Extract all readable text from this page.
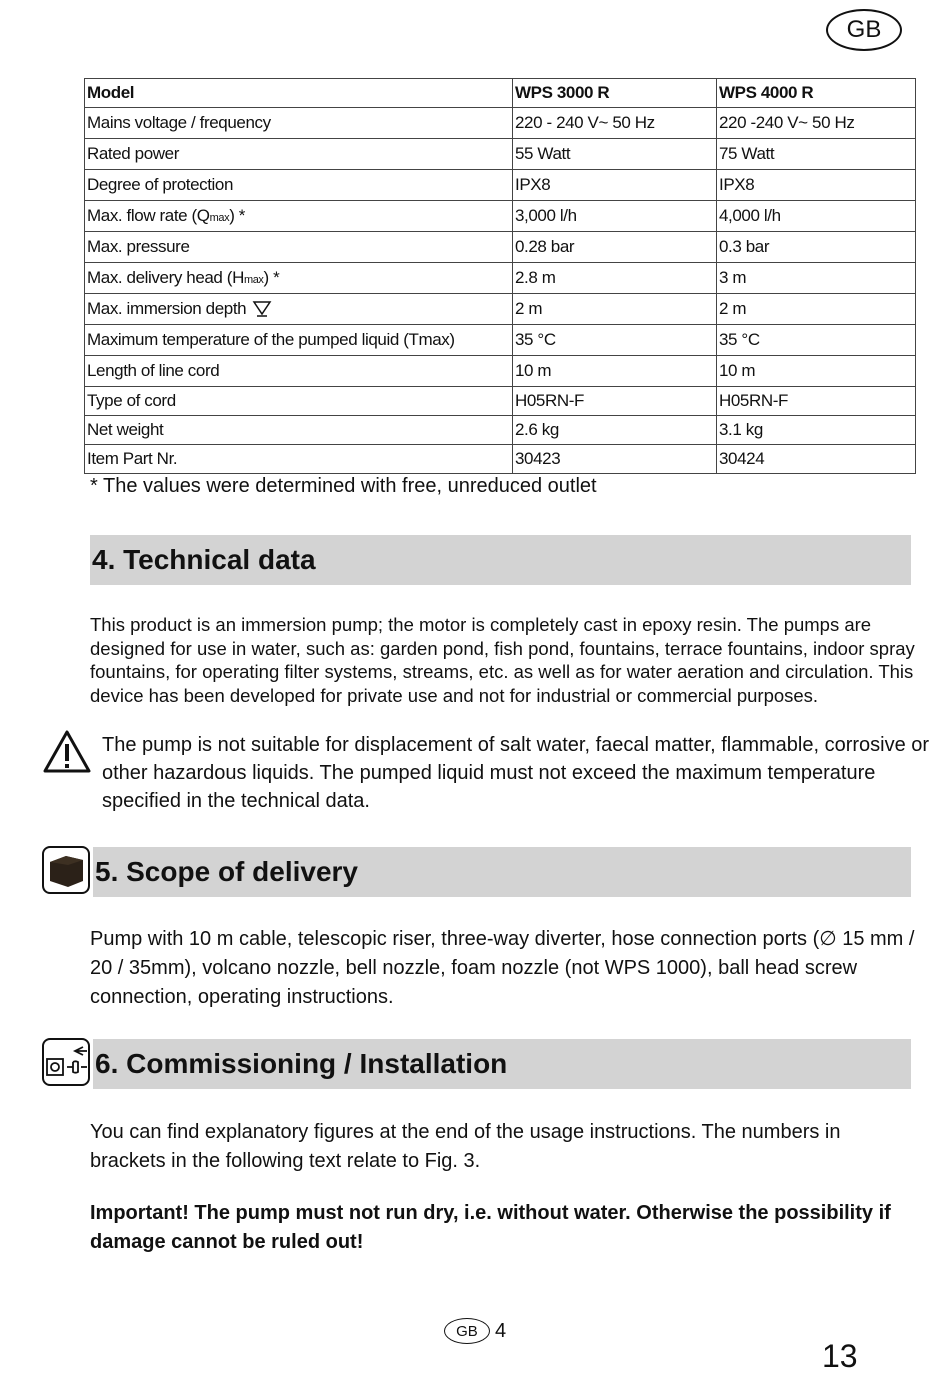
GB
Model	WPS 3000 R	WPS 4000 R
Mains voltage / frequency	220 - 240 V~ 50 Hz	220 -240 V~ 50 Hz
Rated power	55 Watt	75 Watt
Degree of protection	IPX8	IPX8
Max. flow rate (Qmax) *	3,000 l/h	4,000 l/h
Max. pressure	0.28 bar	0.3 bar
Max. delivery head (Hmax) *	2.8 m	3 m
Max. immersion depth	2 m	2 m
Maximum temperature of the pumped liquid (Tmax)	35 °C	35 °C
Length of line cord	10 m	10 m
Type of cord	H05RN-F	H05RN-F
Net weight	2.6 kg	3.1 kg
Item Part Nr.	30423	30424
* The values were determined with free, unreduced outlet
4. Technical data
This product is an immersion pump; the motor is completely cast in epoxy resin. The pumps are designed for use in water, such as: garden pond, fish pond, fountains, terrace fountains, indoor spray fountains, for operating filter systems, streams, etc. as well as for water aeration and circulation. This device has been developed for private use and not for industrial or commercial purposes.
The pump is not suitable for displacement of salt water, faecal matter, flammable, corrosive or other hazardous liquids. The pumped liquid must not exceed the maximum temperature specified in the technical data.
5. Scope of delivery
Pump with 10 m cable, telescopic riser, three-way diverter, hose connection ports (∅ 15 mm / 20 / 35mm), volcano nozzle, bell nozzle, foam nozzle (not WPS 1000), ball head screw connection, operating instructions.
6. Commissioning / Installation
You can find explanatory figures at the end of the usage instructions. The numbers in brackets in the following text relate to Fig. 3.
Important! The pump must not run dry, i.e. without water. Otherwise the possibility if damage cannot be ruled out!
GB 4
13
